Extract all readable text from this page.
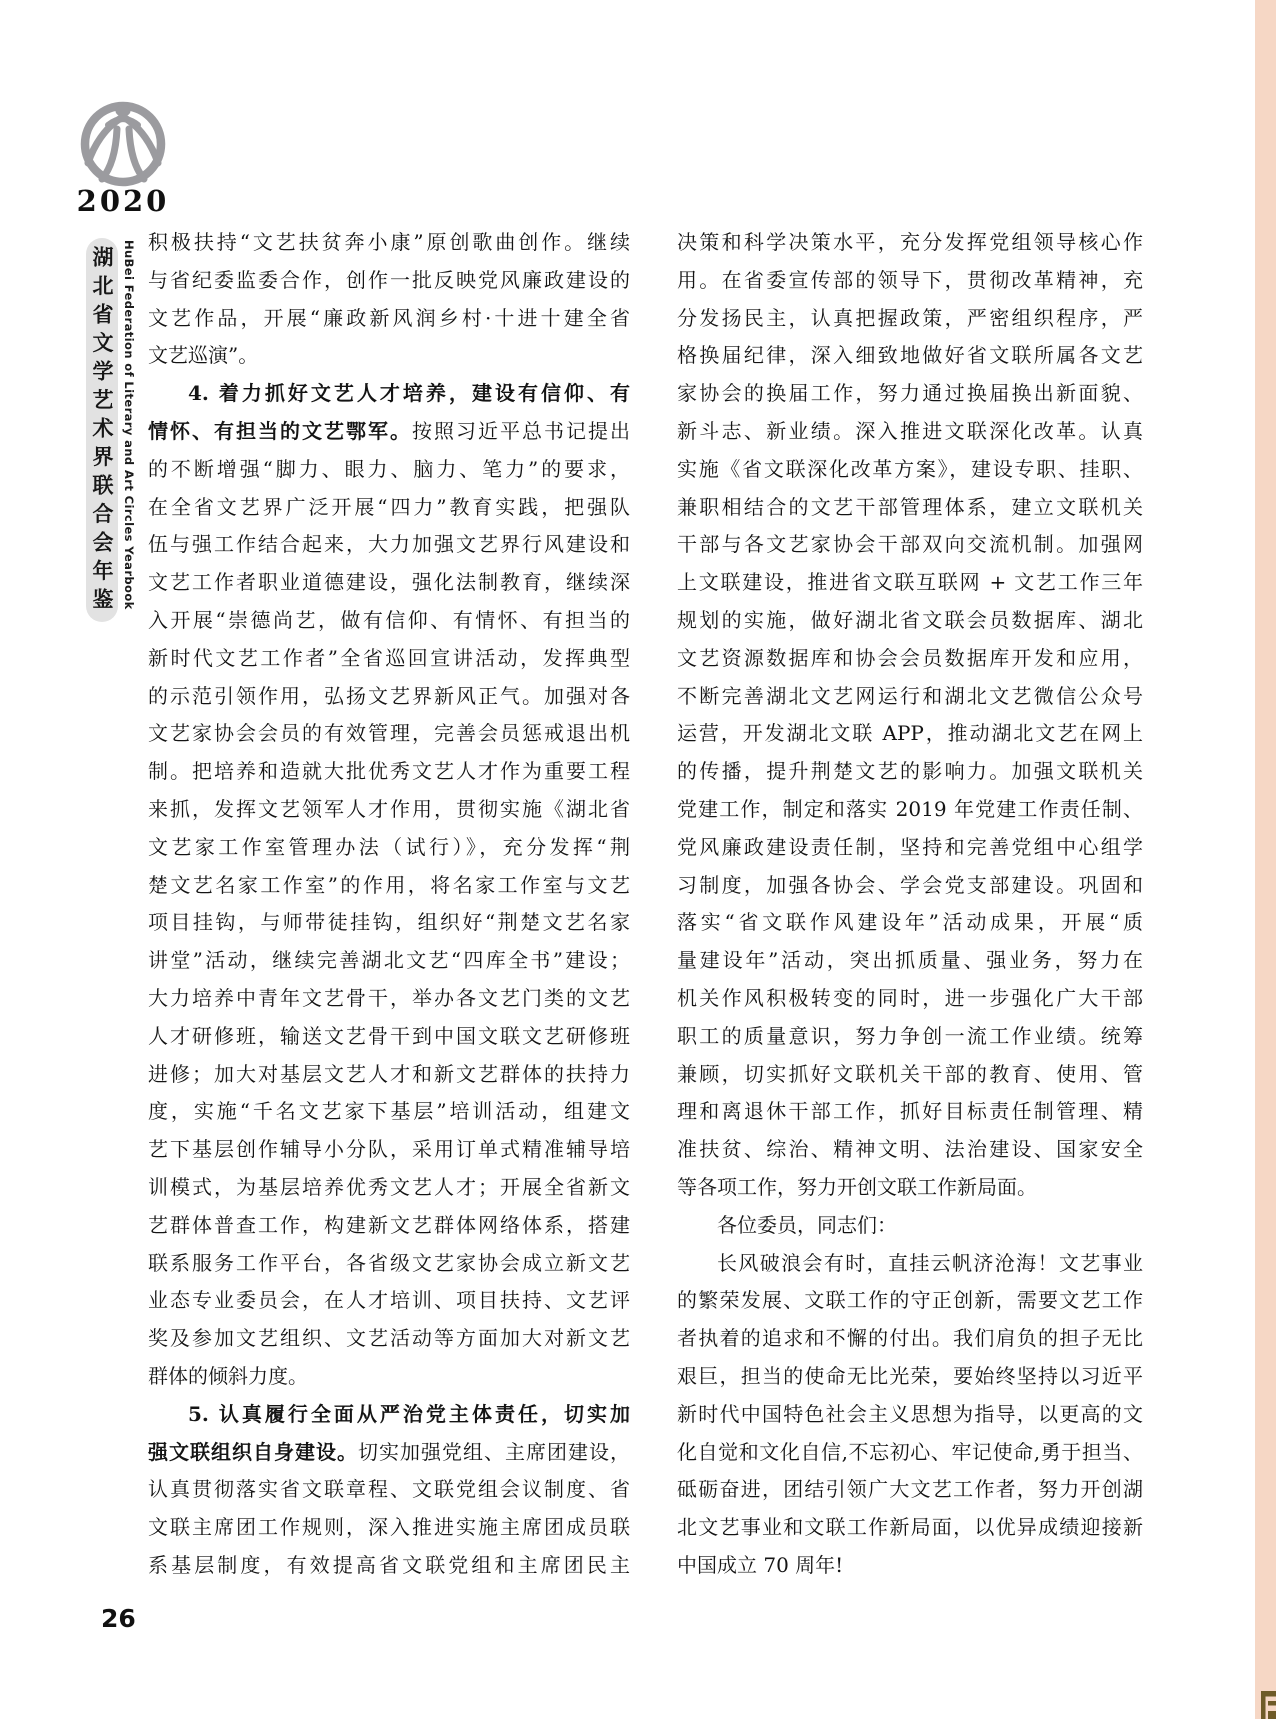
2020
湖北省文学艺术界联合会年鉴 HuBei Federation of Literary and Art Circles Yearbook 积极扶持“文艺扶贫奔小康”原创歌曲创作。继续
与省纪委监委合作，创作一批反映党风廉政建设的
文艺作品，开展“廉政新风润乡村·十进十建全省
文艺巡演”。
4. 着力抓好文艺人才培养，建设有信仰、有
情怀、有担当的文艺鄂军。按照习近平总书记提出
的不断增强“脚力、眼力、脑力、笔力”的要求，
在全省文艺界广泛开展“四力”教育实践，把强队
伍与强工作结合起来，大力加强文艺界行风建设和
文艺工作者职业道德建设，强化法制教育，继续深
入开展“崇德尚艺，做有信仰、有情怀、有担当的
新时代文艺工作者”全省巡回宣讲活动，发挥典型
的示范引领作用，弘扬文艺界新风正气。加强对各
文艺家协会会员的有效管理，完善会员惩戒退出机
制。把培养和造就大批优秀文艺人才作为重要工程
来抓，发挥文艺领军人才作用，贯彻实施《湖北省
文艺家工作室管理办法（试行）》，充分发挥“荆
楚文艺名家工作室”的作用，将名家工作室与文艺
项目挂钩，与师带徒挂钩，组织好“荆楚文艺名家
讲堂”活动，继续完善湖北文艺“四库全书”建设；
大力培养中青年文艺骨干，举办各文艺门类的文艺
人才研修班，输送文艺骨干到中国文联文艺研修班
进修；加大对基层文艺人才和新文艺群体的扶持力
度，实施“千名文艺家下基层”培训活动，组建文
艺下基层创作辅导小分队，采用订单式精准辅导培
训模式，为基层培养优秀文艺人才；开展全省新文
艺群体普查工作，构建新文艺群体网络体系，搭建
联系服务工作平台，各省级文艺家协会成立新文艺
业态专业委员会，在人才培训、项目扶持、文艺评
奖及参加文艺组织、文艺活动等方面加大对新文艺
群体的倾斜力度。
5. 认真履行全面从严治党主体责任，切实加
强文联组织自身建设。切实加强党组、主席团建设，
认真贯彻落实省文联章程、文联党组会议制度、省
文联主席团工作规则，深入推进实施主席团成员联
系基层制度，有效提高省文联党组和主席团民主
决策和科学决策水平，充分发挥党组领导核心作
用。在省委宣传部的领导下，贯彻改革精神，充
分发扬民主，认真把握政策，严密组织程序，严
格换届纪律，深入细致地做好省文联所属各文艺
家协会的换届工作，努力通过换届换出新面貌、
新斗志、新业绩。深入推进文联深化改革。认真
实施《省文联深化改革方案》，建设专职、挂职、
兼职相结合的文艺干部管理体系，建立文联机关
干部与各文艺家协会干部双向交流机制。加强网
上文联建设，推进省文联互联网 + 文艺工作三年
规划的实施，做好湖北省文联会员数据库、湖北
文艺资源数据库和协会会员数据库开发和应用，
不断完善湖北文艺网运行和湖北文艺微信公众号
运营，开发湖北文联 APP，推动湖北文艺在网上
的传播，提升荆楚文艺的影响力。加强文联机关
党建工作，制定和落实 2019 年党建工作责任制、
党风廉政建设责任制，坚持和完善党组中心组学
习制度，加强各协会、学会党支部建设。巩固和
落实“省文联作风建设年”活动成果，开展“质
量建设年”活动，突出抓质量、强业务，努力在
机关作风积极转变的同时，进一步强化广大干部
职工的质量意识，努力争创一流工作业绩。统筹
兼顾，切实抓好文联机关干部的教育、使用、管
理和离退休干部工作，抓好目标责任制管理、精
准扶贫、综治、精神文明、法治建设、国家安全
等各项工作，努力开创文联工作新局面。
各位委员，同志们：
长风破浪会有时，直挂云帆济沧海！文艺事业
的繁荣发展、文联工作的守正创新，需要文艺工作
者执着的追求和不懈的付出。我们肩负的担子无比
艰巨，担当的使命无比光荣，要始终坚持以习近平
新时代中国特色社会主义思想为指导，以更高的文
化自觉和文化自信,不忘初心、牢记使命,勇于担当、
砥砺奋进，团结引领广大文艺工作者，努力开创湖
北文艺事业和文联工作新局面，以优异成绩迎接新
中国成立 70 周年!
26
